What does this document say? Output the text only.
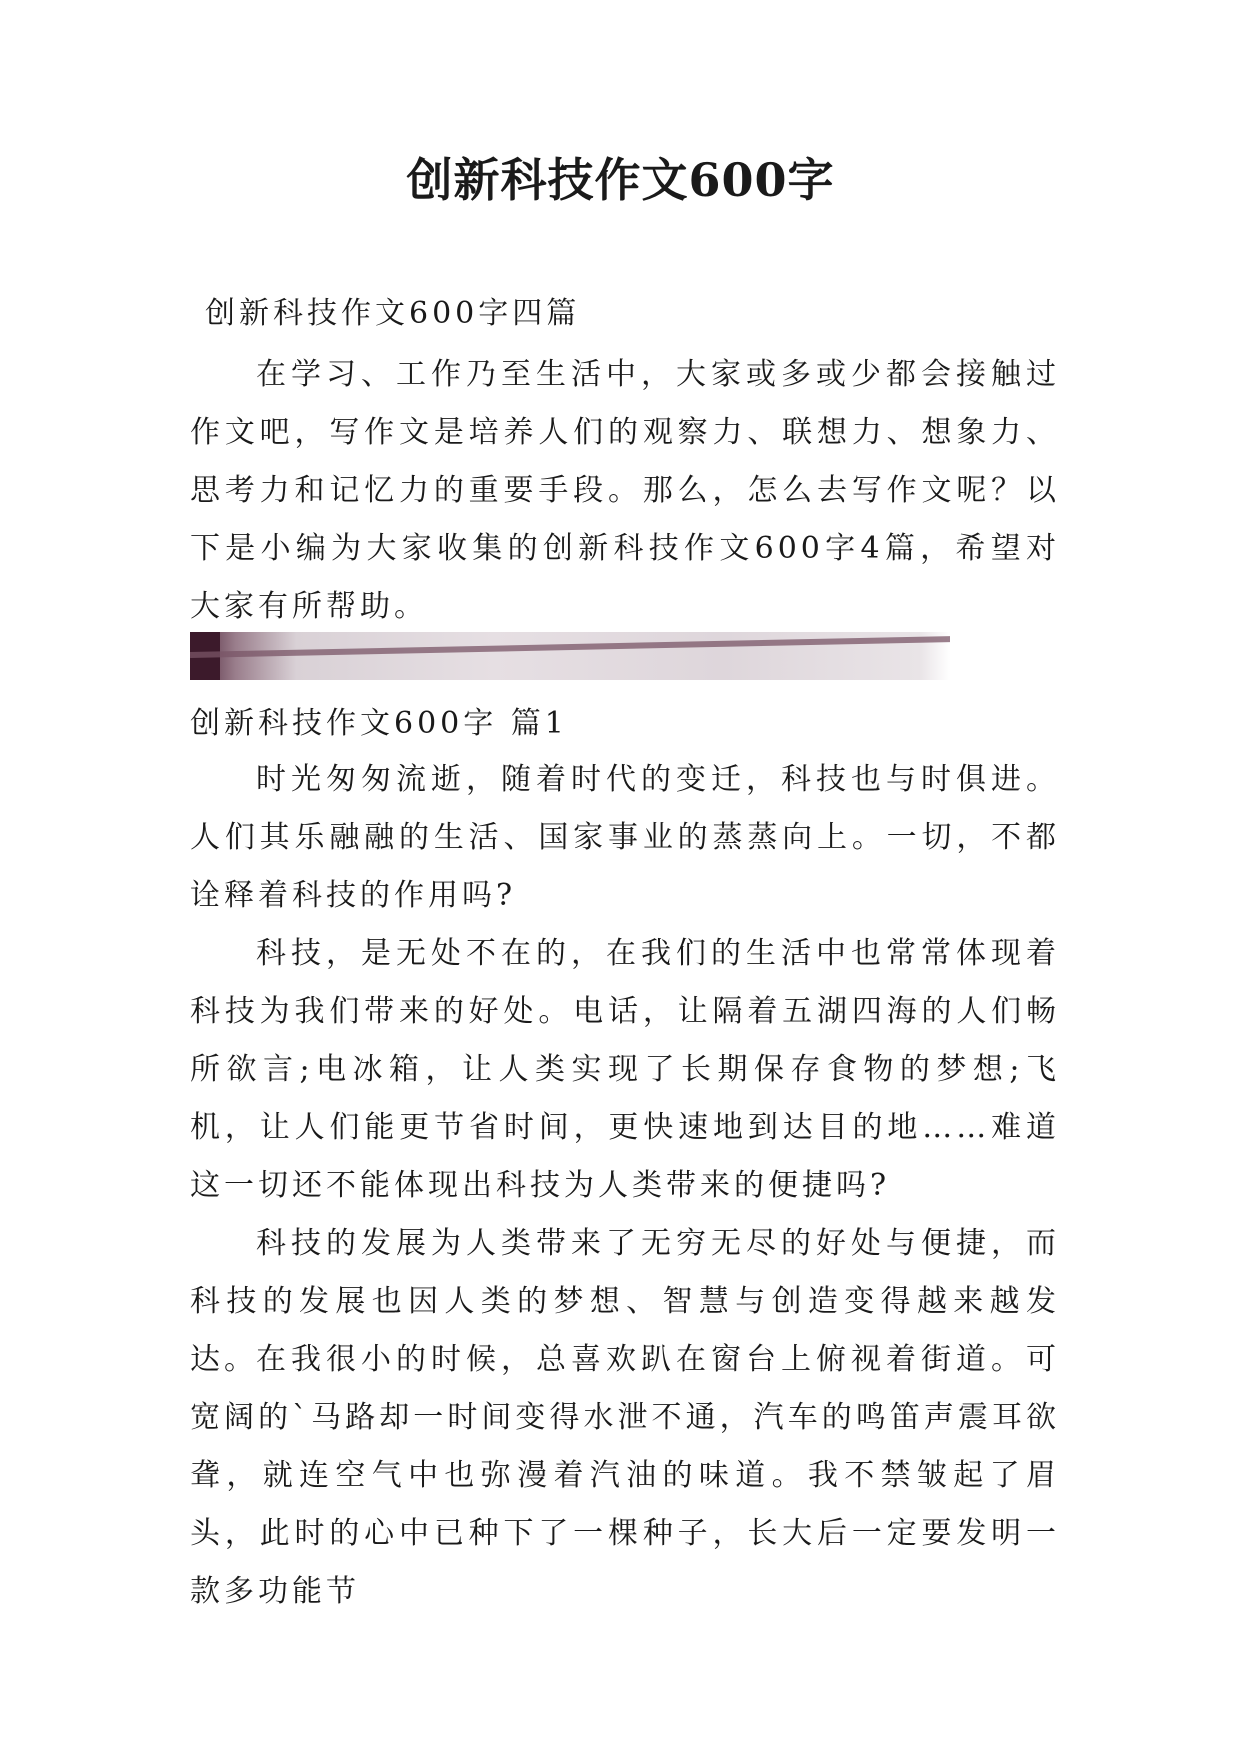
创新科技作文600字
创新科技作文600字四篇

在学习、工作乃至生活中，大家或多或少都会接触过作文吧，写作文是培养人们的观察力、联想力、想象力、思考力和记忆力的重要手段。那么，怎么去写作文呢？以下是小编为大家收集的创新科技作文600字4篇，希望对大家有所帮助。

创新科技作文600字 篇1

时光匆匆流逝，随着时代的变迁，科技也与时俱进。人们其乐融融的生活、国家事业的蒸蒸向上。一切，不都诠释着科技的作用吗?

科技，是无处不在的，在我们的生活中也常常体现着科技为我们带来的好处。电话，让隔着五湖四海的人们畅所欲言;电冰箱，让人类实现了长期保存食物的梦想;飞机，让人们能更节省时间，更快速地到达目的地……难道这一切还不能体现出科技为人类带来的便捷吗?

科技的发展为人类带来了无穷无尽的好处与便捷，而科技的发展也因人类的梦想、智慧与创造变得越来越发达。

在我很小的时候，总喜欢趴在窗台上俯视着街道。可宽阔的`马路却一时间变得水泄不通，汽车的鸣笛声震耳欲聋，就连空气中也弥漫着汽油的味道。我不禁皱起了眉头，此时的心中已种下了一棵种子，长大后一定要发明一款多功能节
